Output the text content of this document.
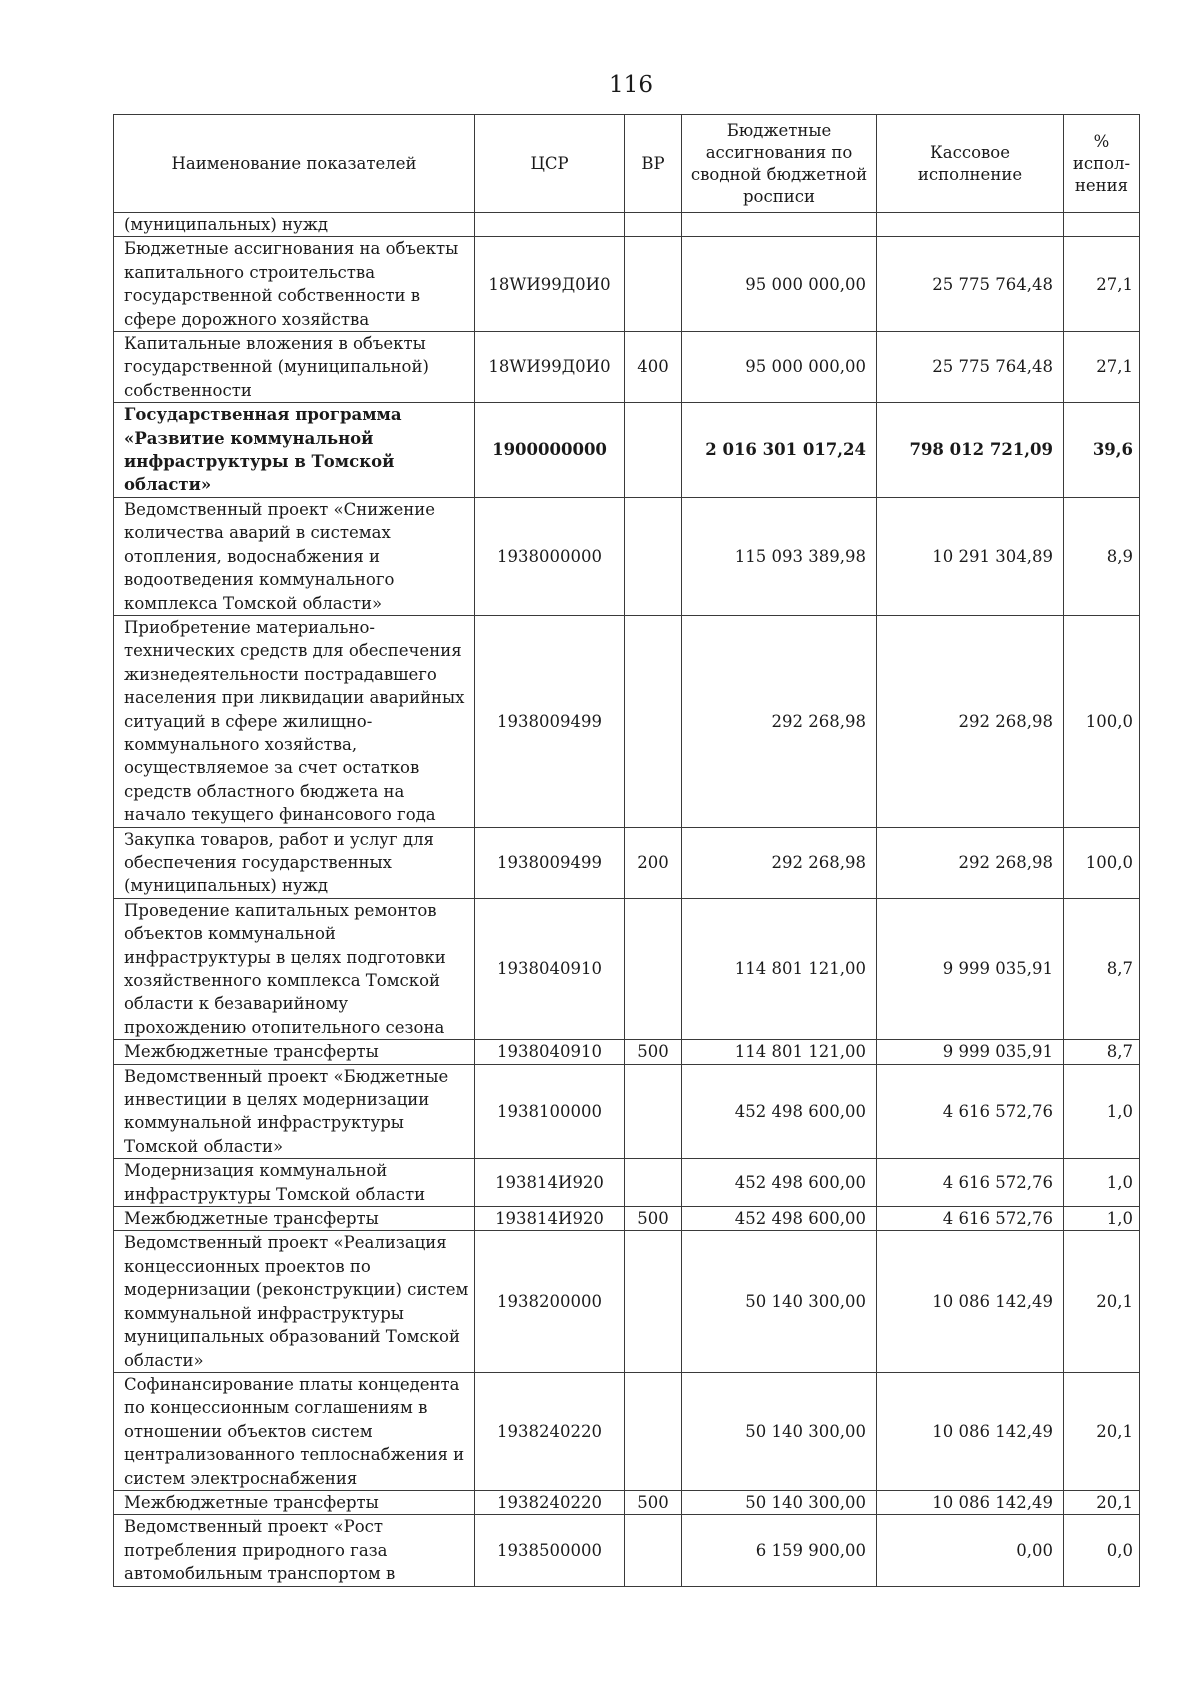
116
Наименование показателей	ЦСР	ВР	Бюджетные ассигнования по сводной бюджетной росписи	Кассовое исполнение	% испол- нения
(муниципальных) нужд					
Бюджетные ассигнования на объекты капитального строительства государственной собственности в сфере дорожного хозяйства	18WИ99Д0И0		95 000 000,00	25 775 764,48	27,1
Капитальные вложения в объекты государственной (муниципальной) собственности	18WИ99Д0И0	400	95 000 000,00	25 775 764,48	27,1
Государственная программа «Развитие коммунальной инфраструктуры в Томской области»	1900000000		2 016 301 017,24	798 012 721,09	39,6
Ведомственный проект «Снижение количества аварий в системах отопления, водоснабжения и водоотведения коммунального комплекса Томской области»	1938000000		115 093 389,98	10 291 304,89	8,9
Приобретение материально-технических средств для обеспечения жизнедеятельности пострадавшего населения при ликвидации аварийных ситуаций в сфере жилищно-коммунального хозяйства, осуществляемое за счет остатков средств областного бюджета на начало текущего финансового года	1938009499		292 268,98	292 268,98	100,0
Закупка товаров, работ и услуг для обеспечения государственных (муниципальных) нужд	1938009499	200	292 268,98	292 268,98	100,0
Проведение капитальных ремонтов объектов коммунальной инфраструктуры в целях подготовки хозяйственного комплекса Томской области к безаварийному прохождению отопительного сезона	1938040910		114 801 121,00	9 999 035,91	8,7
Межбюджетные трансферты	1938040910	500	114 801 121,00	9 999 035,91	8,7
Ведомственный проект «Бюджетные инвестиции в целях модернизации коммунальной инфраструктуры Томской области»	1938100000		452 498 600,00	4 616 572,76	1,0
Модернизация коммунальной инфраструктуры Томской области	193814И920		452 498 600,00	4 616 572,76	1,0
Межбюджетные трансферты	193814И920	500	452 498 600,00	4 616 572,76	1,0
Ведомственный проект «Реализация концессионных проектов по модернизации (реконструкции) систем коммунальной инфраструктуры муниципальных образований Томской области»	1938200000		50 140 300,00	10 086 142,49	20,1
Софинансирование платы концедента по концессионным соглашениям в отношении объектов систем централизованного теплоснабжения и систем электроснабжения	1938240220		50 140 300,00	10 086 142,49	20,1
Межбюджетные трансферты	1938240220	500	50 140 300,00	10 086 142,49	20,1
Ведомственный проект «Рост потребления природного газа автомобильным транспортом в	1938500000		6 159 900,00	0,00	0,0
